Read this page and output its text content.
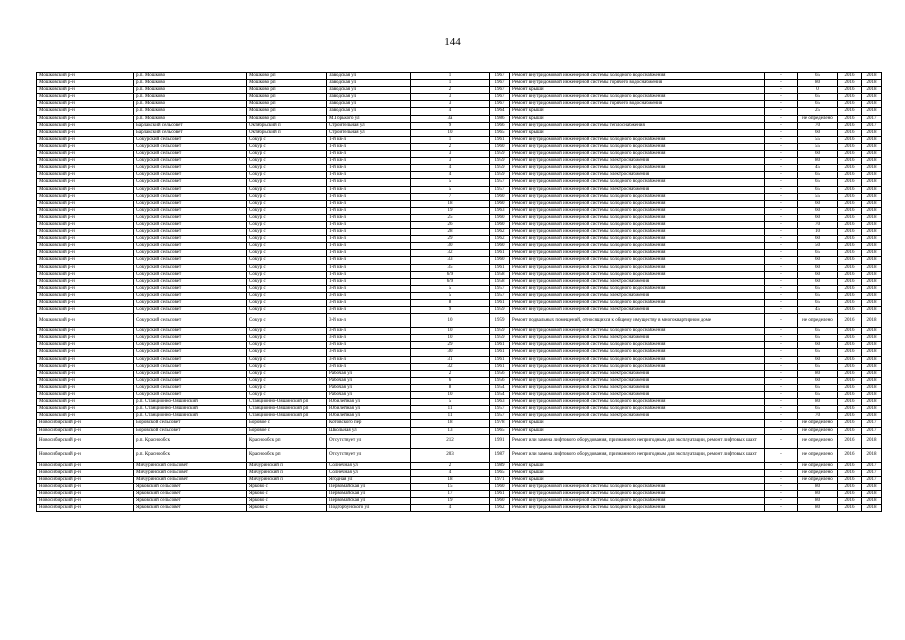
144
Мошковский р-н	р.п. Мошково	Мошково рп	Заводская ул	1	1967	Ремонт внутридомовой инженерной системы холодного водоснабжения	-	65	2016	2018
Мошковский р-н	р.п. Мошково	Мошково рп	Заводская ул	1	1967	Ремонт внутридомовой инженерной системы горячего водоснабжения	-	80	2016	2018
Мошковский р-н	р.п. Мошково	Мошково рп	Заводская ул	2	1967	Ремонт крыши	-	0	2016	2018
Мошковский р-н	р.п. Мошково	Мошково рп	Заводская ул	3	1967	Ремонт внутридомовой инженерной системы холодного водоснабжения	-	65	2016	2018
Мошковский р-н	р.п. Мошково	Мошково рп	Заводская ул	3	1967	Ремонт внутридомовой инженерной системы горячего водоснабжения	-	65	2016	2018
Мошковский р-н	р.п. Мошково	Мошково рп	Заводская ул	4	1964	Ремонт крыши	-	25	2016	2018
Мошковский р-н	р.п. Мошково	Мошково рп	М.Горького ул	3а	1986	Ремонт крыши	-	не определено	2016	2017
Мошковский р-н	Барлакский сельсовет	Октябрьский п	Строительная ул	9	1966	Ремонт внутридомовой инженерной системы теплоснабжения	-	70	2016	2017
Мошковский р-н	Барлакский сельсовет	Октябрьский п	Строительная ул	10	1965	Ремонт крыши	-	60	2016	2018
Мошковский р-н	Сокурский сельсовет	Сокур с	1-й кв-л	1	1961	Ремонт внутридомовой инженерной системы холодного водоснабжения	-	55	2016	2018
Мошковский р-н	Сокурский сельсовет	Сокур с	1-й кв-л	2	1960	Ремонт внутридомовой инженерной системы холодного водоснабжения	-	55	2016	2018
Мошковский р-н	Сокурский сельсовет	Сокур с	1-й кв-л	3	1959	Ремонт внутридомовой инженерной системы холодного водоснабжения	-	60	2016	2018
Мошковский р-н	Сокурский сельсовет	Сокур с	1-й кв-л	3	1959	Ремонт внутридомовой инженерной системы электроснабжения	-	80	2016	2018
Мошковский р-н	Сокурский сельсовет	Сокур с	1-й кв-л	4	1959	Ремонт внутридомовой инженерной системы холодного водоснабжения	-	45	2016	2018
Мошковский р-н	Сокурский сельсовет	Сокур с	1-й кв-л	4	1959	Ремонт внутридомовой инженерной системы электроснабжения	-	65	2016	2018
Мошковский р-н	Сокурский сельсовет	Сокур с	1-й кв-л	5	1957	Ремонт внутридомовой инженерной системы холодного водоснабжения	-	65	2016	2018
Мошковский р-н	Сокурский сельсовет	Сокур с	1-й кв-л	5	1957	Ремонт внутридомовой инженерной системы электроснабжения	-	65	2016	2018
Мошковский р-н	Сокурский сельсовет	Сокур с	1-й кв-л	7	1960	Ремонт внутридомовой инженерной системы холодного водоснабжения	-	55	2016	2018
Мошковский р-н	Сокурский сельсовет	Сокур с	1-й кв-л	18	1960	Ремонт внутридомовой инженерной системы холодного водоснабжения	-	60	2016	2018
Мошковский р-н	Сокурский сельсовет	Сокур с	1-й кв-л	19	1963	Ремонт внутридомовой инженерной системы холодного водоснабжения	-	60	2016	2018
Мошковский р-н	Сокурский сельсовет	Сокур с	1-й кв-л	25	1960	Ремонт внутридомовой инженерной системы холодного водоснабжения	-	60	2016	2018
Мошковский р-н	Сокурский сельсовет	Сокур с	1-й кв-л	26	1960	Ремонт внутридомовой инженерной системы холодного водоснабжения	-	70	2016	2018
Мошковский р-н	Сокурский сельсовет	Сокур с	1-й кв-л	28	1962	Ремонт внутридомовой инженерной системы холодного водоснабжения	-	10	2016	2018
Мошковский р-н	Сокурский сельсовет	Сокур с	1-й кв-л	29	1962	Ремонт внутридомовой инженерной системы холодного водоснабжения	-	60	2016	2018
Мошковский р-н	Сокурский сельсовет	Сокур с	1-й кв-л	30	1960	Ремонт внутридомовой инженерной системы холодного водоснабжения	-	50	2016	2018
Мошковский р-н	Сокурский сельсовет	Сокур с	1-й кв-л	32	1961	Ремонт внутридомовой инженерной системы холодного водоснабжения	-	65	2016	2018
Мошковский р-н	Сокурский сельсовет	Сокур с	1-й кв-л	33	1960	Ремонт внутридомовой инженерной системы холодного водоснабжения	-	60	2016	2018
Мошковский р-н	Сокурский сельсовет	Сокур с	1-й кв-л	35	1961	Ремонт внутридомовой инженерной системы холодного водоснабжения	-	60	2016	2018
Мошковский р-н	Сокурский сельсовет	Сокур с	1-й кв-л	6/9	1958	Ремонт внутридомовой инженерной системы холодного водоснабжения	-	60	2016	2018
Мошковский р-н	Сокурский сельсовет	Сокур с	1-й кв-л	6/9	1958	Ремонт внутридомовой инженерной системы электроснабжения	-	60	2016	2018
Мошковский р-н	Сокурский сельсовет	Сокур с	3-й кв-л	5	1957	Ремонт внутридомовой инженерной системы холодного водоснабжения	-	65	2016	2018
Мошковский р-н	Сокурский сельсовет	Сокур с	3-й кв-л	5	1957	Ремонт внутридомовой инженерной системы электроснабжения	-	65	2016	2018
Мошковский р-н	Сокурский сельсовет	Сокур с	3-й кв-л	8	1961	Ремонт внутридомовой инженерной системы холодного водоснабжения	-	65	2016	2018
Мошковский р-н	Сокурский сельсовет	Сокур с	3-й кв-л	9	1959	Ремонт внутридомовой инженерной системы электроснабжения	-	45	2016	2018
Мошковский р-н	Сокурский сельсовет	Сокур с	3-й кв-л	10	1959	Ремонт подвальных помещений, относящихся к общему имуществу в многоквартирном доме	-	не определено	2016	2018
Мошковский р-н	Сокурский сельсовет	Сокур с	3-й кв-л	10	1959	Ремонт внутридомовой инженерной системы холодного водоснабжения	-	65	2016	2018
Мошковский р-н	Сокурский сельсовет	Сокур с	3-й кв-л	10	1959	Ремонт внутридомовой инженерной системы электроснабжения	-	65	2016	2018
Мошковский р-н	Сокурский сельсовет	Сокур с	3-й кв-л	29	1961	Ремонт внутридомовой инженерной системы холодного водоснабжения	-	60	2016	2018
Мошковский р-н	Сокурский сельсовет	Сокур с	3-й кв-л	30	1961	Ремонт внутридомовой инженерной системы холодного водоснабжения	-	65	2016	2018
Мошковский р-н	Сокурский сельсовет	Сокур с	3-й кв-л	31	1961	Ремонт внутридомовой инженерной системы холодного водоснабжения	-	60	2016	2018
Мошковский р-н	Сокурский сельсовет	Сокур с	3-й кв-л	32	1961	Ремонт внутридомовой инженерной системы холодного водоснабжения	-	65	2016	2018
Мошковский р-н	Сокурский сельсовет	Сокур с	Рабочая ул	2	1956	Ремонт внутридомовой инженерной системы электроснабжения	-	80	2016	2018
Мошковский р-н	Сокурский сельсовет	Сокур с	Рабочая ул	6	1956	Ремонт внутридомовой инженерной системы электроснабжения	-	60	2016	2018
Мошковский р-н	Сокурский сельсовет	Сокур с	Рабочая ул	8	1954	Ремонт внутридомовой инженерной системы электроснабжения	-	65	2016	2018
Мошковский р-н	Сокурский сельсовет	Сокур с	Рабочая ул	10	1954	Ремонт внутридомовой инженерной системы электроснабжения	-	65	2016	2018
Мошковский р-н	р.п. Станционно-Ояшинский	Станционно-Ояшинский рп	Юбилейная ул	5	1963	Ремонт внутридомовой инженерной системы холодного водоснабжения	-	80	2016	2018
Мошковский р-н	р.п. Станционно-Ояшинский	Станционно-Ояшинский рп	Юбилейная ул	11	1957	Ремонт внутридомовой инженерной системы холодного водоснабжения	-	65	2016	2018
Мошковский р-н	р.п. Станционно-Ояшинский	Станционно-Ояшинский рп	Юбилейная ул	11	1957	Ремонт внутридомовой инженерной системы электроснабжения	-	70	2016	2018
Новосибирский р-н	Боровской сельсовет	Боровое с	Котовского пер	18	1978	Ремонт крыши	-	не определено	2016	2017
Новосибирский р-н	Боровской сельсовет	Боровое с	Школьная ул	13	1965	Ремонт крыши	-	не определено	2016	2017
Новосибирский р-н	р.п. Краснообск	Краснообск рп	Отсутствует ул	212	1991	Ремонт или замена лифтового оборудования, признанного непригодным для эксплуатации, ремонт лифтовых шахт	-	не определено	2016	2018
Новосибирский р-н	р.п. Краснообск	Краснообск рп	Отсутствует ул	203	1987	Ремонт или замена лифтового оборудования, признанного непригодным для эксплуатации, ремонт лифтовых шахт	-	не определено	2016	2018
Новосибирский р-н	Мичуринский сельсовет	Мичуринский п	Солнечная ул	2	1989	Ремонт крыши	-	не определено	2016	2017
Новосибирский р-н	Мичуринский сельсовет	Мичуринский п	Солнечная ул	4	1965	Ремонт крыши	-	не определено	2016	2017
Новосибирский р-н	Мичуринский сельсовет	Мичуринский п	Ягодная ул	18	1971	Ремонт крыши	-	не определено	2016	2017
Новосибирский р-н	Ярковский сельсовет	Ярково с	Первомайская ул	15	1960	Ремонт внутридомовой инженерной системы холодного водоснабжения	-	80	2016	2018
Новосибирский р-н	Ярковский сельсовет	Ярково с	Первомайская ул	17	1961	Ремонт внутридомовой инженерной системы холодного водоснабжения	-	80	2016	2018
Новосибирский р-н	Ярковский сельсовет	Ярково с	Первомайская ул	19	1960	Ремонт внутридомовой инженерной системы холодного водоснабжения	-	80	2016	2018
Новосибирский р-н	Ярковский сельсовет	Ярково с	Подгорбунского ул	4	1962	Ремонт внутридомовой инженерной системы холодного водоснабжения	-	80	2016	2018
